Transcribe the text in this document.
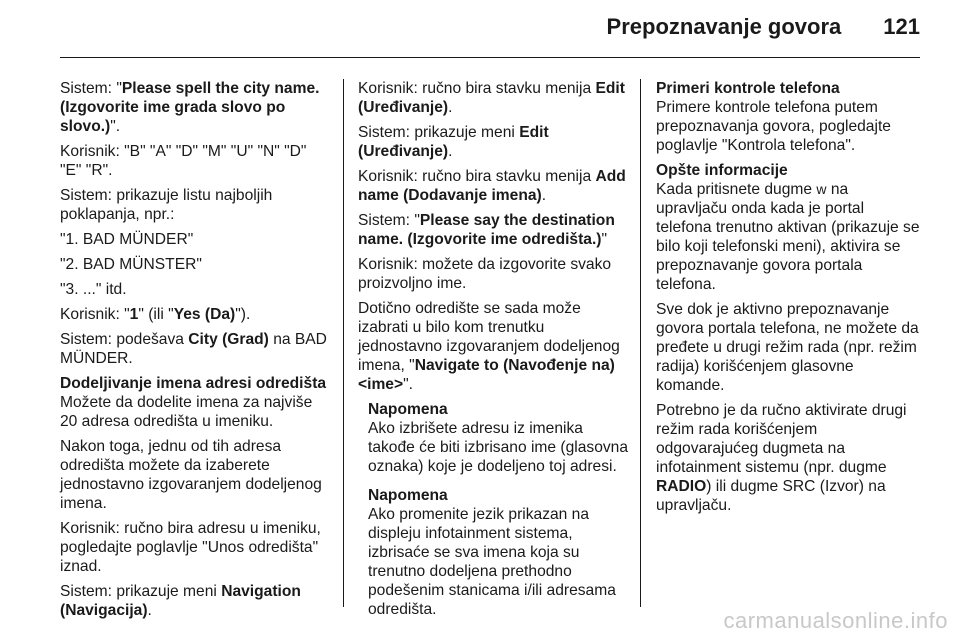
Prepoznavanje govora 121

Sistem: "Please spell the city name. (Izgovorite ime grada slovo po slovo.)".

Korisnik: "B" "A" "D" "M" "U" "N" "D" "E" "R".

Sistem: prikazuje listu najboljih poklapanja, npr.:

"1. BAD MÜNDER"

"2. BAD MÜNSTER"

"3. ..." itd.

Korisnik: "1" (ili "Yes (Da)").

Sistem: podešava City (Grad) na BAD MÜNDER.

Dodeljivanje imena adresi odredišta

Možete da dodelite imena za najviše 20 adresa odredišta u imeniku.

Nakon toga, jednu od tih adresa odredišta možete da izaberete jednostavno izgovaranjem dodeljenog imena.

Korisnik: ručno bira adresu u imeniku, pogledajte poglavlje "Unos odredišta" iznad.

Sistem: prikazuje meni Navigation (Navigacija).

Korisnik: ručno bira stavku menija Edit (Uređivanje).

Sistem: prikazuje meni Edit (Uređivanje).

Korisnik: ručno bira stavku menija Add name (Dodavanje imena).

Sistem: "Please say the destination name. (Izgovorite ime odredišta.)"

Korisnik: možete da izgovorite svako proizvoljno ime.

Dotično odredište se sada može izabrati u bilo kom trenutku jednostavno izgovaranjem dodeljenog imena, "Navigate to (Navođenje na) <ime>".

Napomena

Ako izbrišete adresu iz imenika takođe će biti izbrisano ime (glasovna oznaka) koje je dodeljeno toj adresi.

Napomena

Ako promenite jezik prikazan na displeju infotainment sistema, izbrisaće se sva imena koja su trenutno dodeljena prethodno podešenim stanicama i/ili adresama odredišta.

Primeri kontrole telefona

Primere kontrole telefona putem prepoznavanja govora, pogledajte poglavlje "Kontrola telefona".

Opšte informacije

Kada pritisnete dugme w na upravljaču onda kada je portal telefona trenutno aktivan (prikazuje se bilo koji telefonski meni), aktivira se prepoznavanje govora portala telefona.

Sve dok je aktivno prepoznavanje govora portala telefona, ne možete da pređete u drugi režim rada (npr. režim radija) korišćenjem glasovne komande.

Potrebno je da ručno aktivirate drugi režim rada korišćenjem odgovarajućeg dugmeta na infotainment sistemu (npr. dugme RADIO) ili dugme SRC (Izvor) na upravljaču.

carmanualsonline.info
